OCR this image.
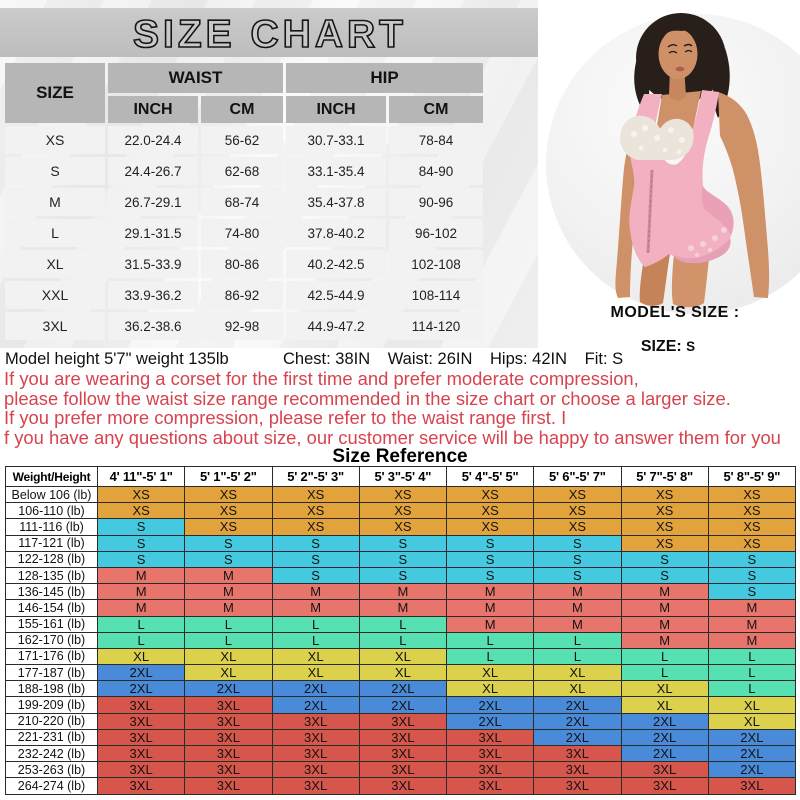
SIZE CHART
MODEL'S SIZE :
SIZE: S
SIZE	WAIST		HIP	
	INCH	CM	INCH	CM
XS	22.0-24.4	56-62	30.7-33.1	78-84
S	24.4-26.7	62-68	33.1-35.4	84-90
M	26.7-29.1	68-74	35.4-37.8	90-96
L	29.1-31.5	74-80	37.8-40.2	96-102
XL	31.5-33.9	80-86	40.2-42.5	102-108
XXL	33.9-36.2	86-92	42.5-44.9	108-114
3XL	36.2-38.6	92-98	44.9-47.2	114-120
Model height 5'7" weight 135lb	Chest: 38IN Waist: 26IN Hips: 42IN Fit: S
If you are wearing a corset for the first time and prefer moderate compression,
please follow the waist size range recommended in the size chart or choose a larger size.
If you prefer more compression, please refer to the waist range first. I
f you have any questions about size, our customer service will be happy to answer them for you
Size Reference
Weight/Height	4' 11"-5' 1"	5' 1"-5' 2"	5' 2"-5' 3"	5' 3"-5' 4"	5' 4"-5' 5"	5' 6"-5' 7"	5' 7"-5' 8"	5' 8"-5' 9"
Below 106 (lb)	XS	XS	XS	XS	XS	XS	XS	XS
106-110 (lb)	XS	XS	XS	XS	XS	XS	XS	XS
111-116 (lb)	S	XS	XS	XS	XS	XS	XS	XS
117-121 (lb)	S	S	S	S	S	S	XS	XS
122-128 (lb)	S	S	S	S	S	S	S	S
128-135 (lb)	M	M	S	S	S	S	S	S
136-145 (lb)	M	M	M	M	M	M	M	S
146-154 (lb)	M	M	M	M	M	M	M	M
155-161 (lb)	L	L	L	L	M	M	M	M
162-170 (lb)	L	L	L	L	L	L	M	M
171-176 (lb)	XL	XL	XL	XL	L	L	L	L
177-187 (lb)	2XL	XL	XL	XL	XL	XL	L	L
188-198 (lb)	2XL	2XL	2XL	2XL	XL	XL	XL	L
199-209 (lb)	3XL	3XL	2XL	2XL	2XL	2XL	XL	XL
210-220 (lb)	3XL	3XL	3XL	3XL	2XL	2XL	2XL	XL
221-231 (lb)	3XL	3XL	3XL	3XL	3XL	2XL	2XL	2XL
232-242 (lb)	3XL	3XL	3XL	3XL	3XL	3XL	2XL	2XL
253-263 (lb)	3XL	3XL	3XL	3XL	3XL	3XL	3XL	2XL
264-274 (lb)	3XL	3XL	3XL	3XL	3XL	3XL	3XL	3XL
